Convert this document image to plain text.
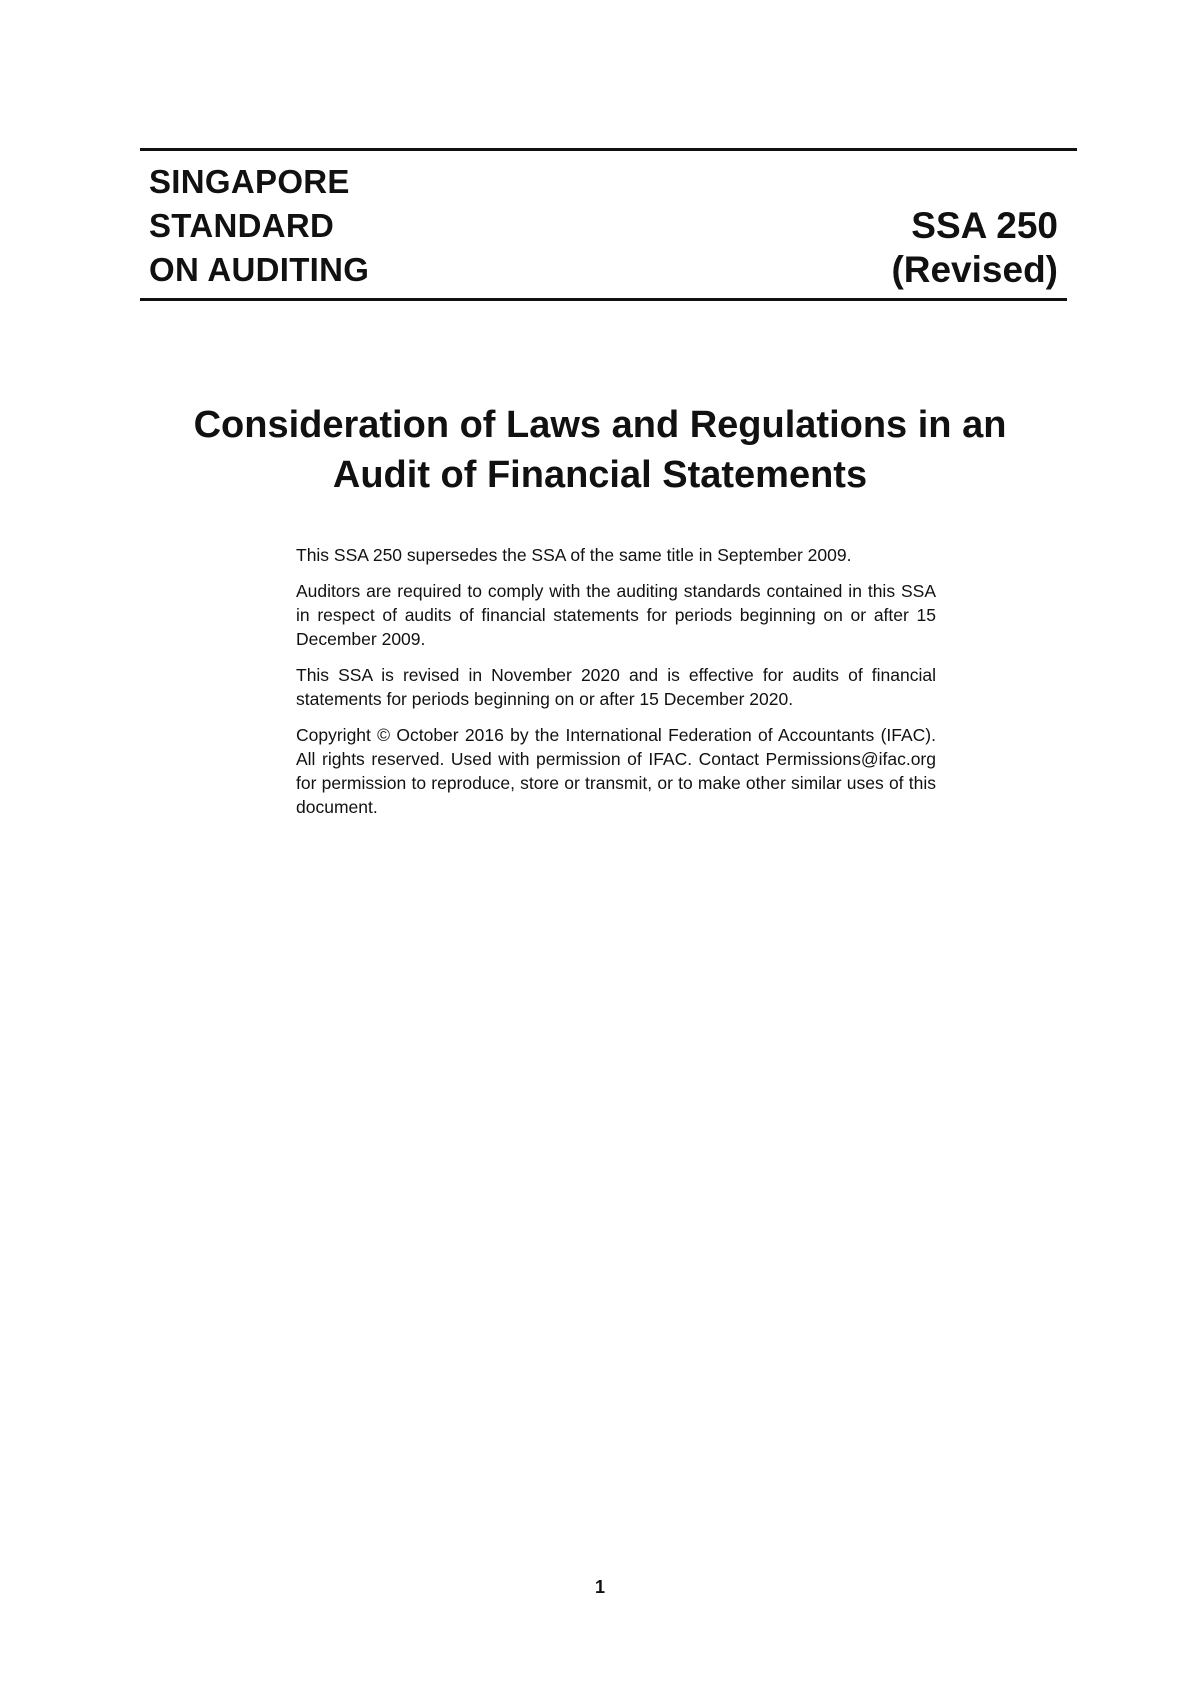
SINGAPORE
STANDARD
ON AUDITING
SSA 250
(Revised)
Consideration of Laws and Regulations in an
Audit of Financial Statements

This SSA 250 supersedes the SSA of the same title in September 2009.

Auditors are required to comply with the auditing standards contained in this SSA in respect of audits of financial statements for periods beginning on or after 15 December 2009.

This SSA is revised in November 2020 and is effective for audits of financial statements for periods beginning on or after 15 December 2020.

Copyright © October 2016 by the International Federation of Accountants (IFAC). All rights reserved. Used with permission of IFAC. Contact Permissions@ifac.org for permission to reproduce, store or transmit, or to make other similar uses of this document.

1
